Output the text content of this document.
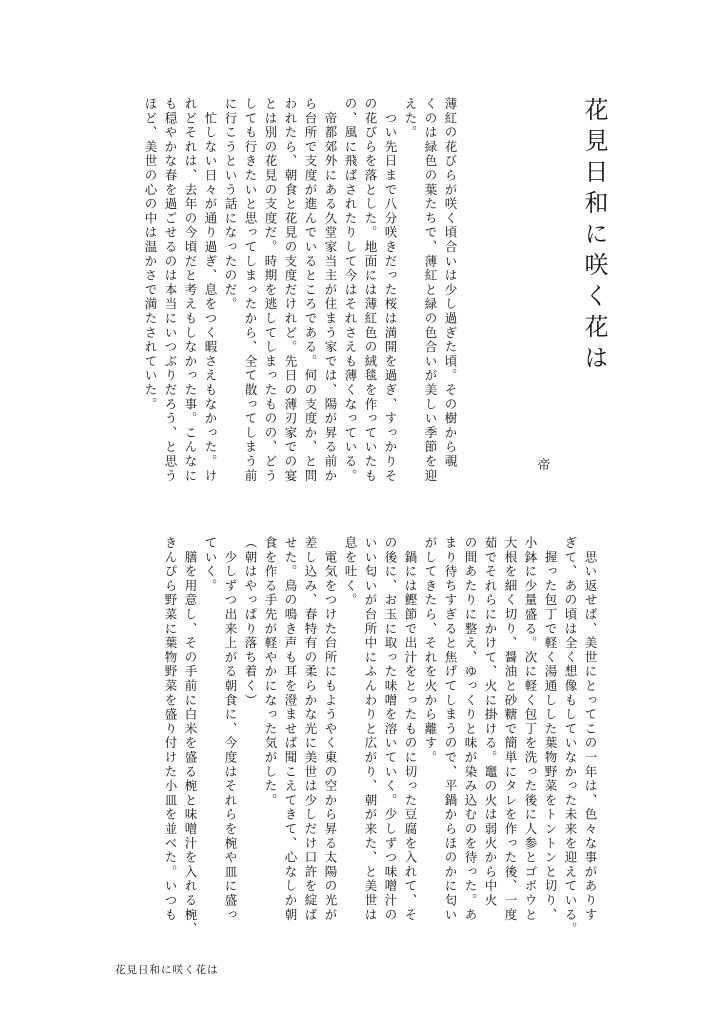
花見日和に咲く花は
薄紅の花びらが咲く頃合いは少し過ぎた頃。その樹から覗
くのは緑色の葉たちで、薄紅と緑の色合いが美しい季節を迎
えた。
　つい先日まで八分咲きだった桜は満開を過ぎ、すっかりそ
の花びらを落とした。地面には薄紅色の絨毯を作っていたも
の、風に飛ばされたりして今はそれさえも薄くなっている。
　帝都郊外にある久堂家当主が住まう家では、陽が昇る前か
ら台所で支度が進んでいるところである。何の支度か、と問
われたら、朝食と花見の支度だけれど。先日の薄刃家での宴
とは別の花見の支度だ。時期を逃してしまったものの、どう
しても行きたいと思ってしまったから、全て散ってしまう前
に行こうという話になったのだ。
　忙しない日々が通り過ぎ、息をつく暇さえもなかった。け
れどそれは、去年の今頃だと考えもしなかった事。こんなに
も穏やかな春を過ごせるのは本当にいつぶりだろう、と思う
ほど、美世の心の中は温かさで満たされていた。
帝
　思い返せば、美世にとってこの一年は、色々な事がありす
ぎて、あの頃は全く想像もしていなかった未来を迎えている。
　握った包丁で軽く湯通しした葉物野菜をトントンと切り、
小鉢に少量盛る。次に軽く包丁を洗った後に人参とゴボウと
大根を細く切り、醤油と砂糖で簡単にタレを作った後、一度
茹でそれらにかけて、火に掛ける。竈の火は弱火から中火
の間あたりに整え、ゆっくりと味が染み込むのを待った。あ
まり待ちすぎると焦げてしまうので、平鍋からほのかに匂い
がしてきたら、それを火から離す。
　鍋には鰹節で出汁をとったものに切った豆腐を入れて、そ
の後に、お玉に取った味噌を溶いていく。少しずつ味噌汁の
いい匂いが台所中にふんわりと広がり、朝が来た、と美世は
息を吐く。
　電気をつけた台所にもようやく東の空から昇る太陽の光が
差し込み、春特有の柔らかな光に美世は少しだけ口許を綻ば
せた。鳥の鳴き声も耳を澄ませば聞こえてきて、心なしか朝
食を作る手先が軽やかになった気がした。
（朝はやっぱり落ち着く）
　少しずつ出来上がる朝食に、今度はそれらを椀や皿に盛っ
ていく。
　膳を用意し、その手前に白米を盛る椀と味噌汁を入れる椀、
きんぴら野菜に葉物野菜を盛り付けた小皿を並べた。いつも
花見日和に咲く花は
